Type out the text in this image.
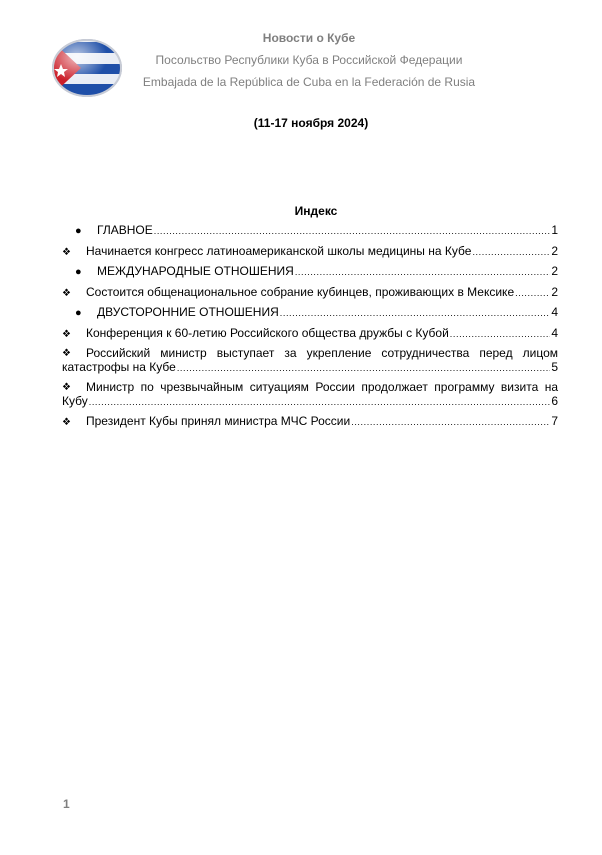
Новости о Кубе
Посольство Республики Куба в Российской Федерации
Embajada de la República de Cuba en la Federación de Rusia
(11-17 ноября 2024)
Индекс
●	ГЛАВНОЕ .....	1
❖	Начинается конгресс латиноамериканской школы медицины на Кубе .....	2
●	МЕЖДУНАРОДНЫЕ ОТНОШЕНИЯ .....	2
❖	Состоится общенациональное собрание кубинцев, проживающих в Мексике .....	2
●	ДВУСТОРОННИЕ ОТНОШЕНИЯ .....	4
❖	Конференция к 60-летию Российского общества дружбы с Кубой .....	4
❖	Российский министр выступает за укрепление сотрудничества перед лицом
катастрофы на Кубе .....	5
❖	Министр по чрезвычайным ситуациям России продолжает программу визита на
Кубу .....	6
❖	Президент Кубы принял министра МЧС России .....	7
1
